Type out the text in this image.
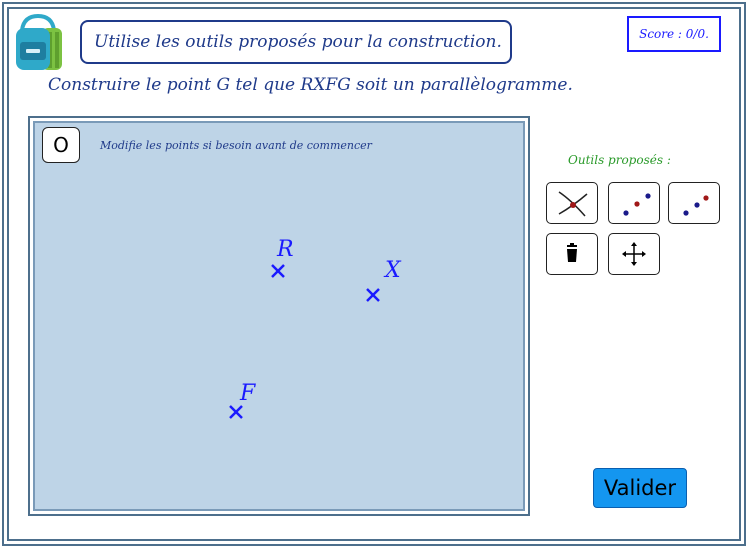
Utilise les outils proposés pour la construction.	Score : 0/0.
Construire le point G tel que RXFG soit un parallèlogramme.
O	Modifie les points si besoin avant de commencer
R
X
F
Outils proposés :
Valider
